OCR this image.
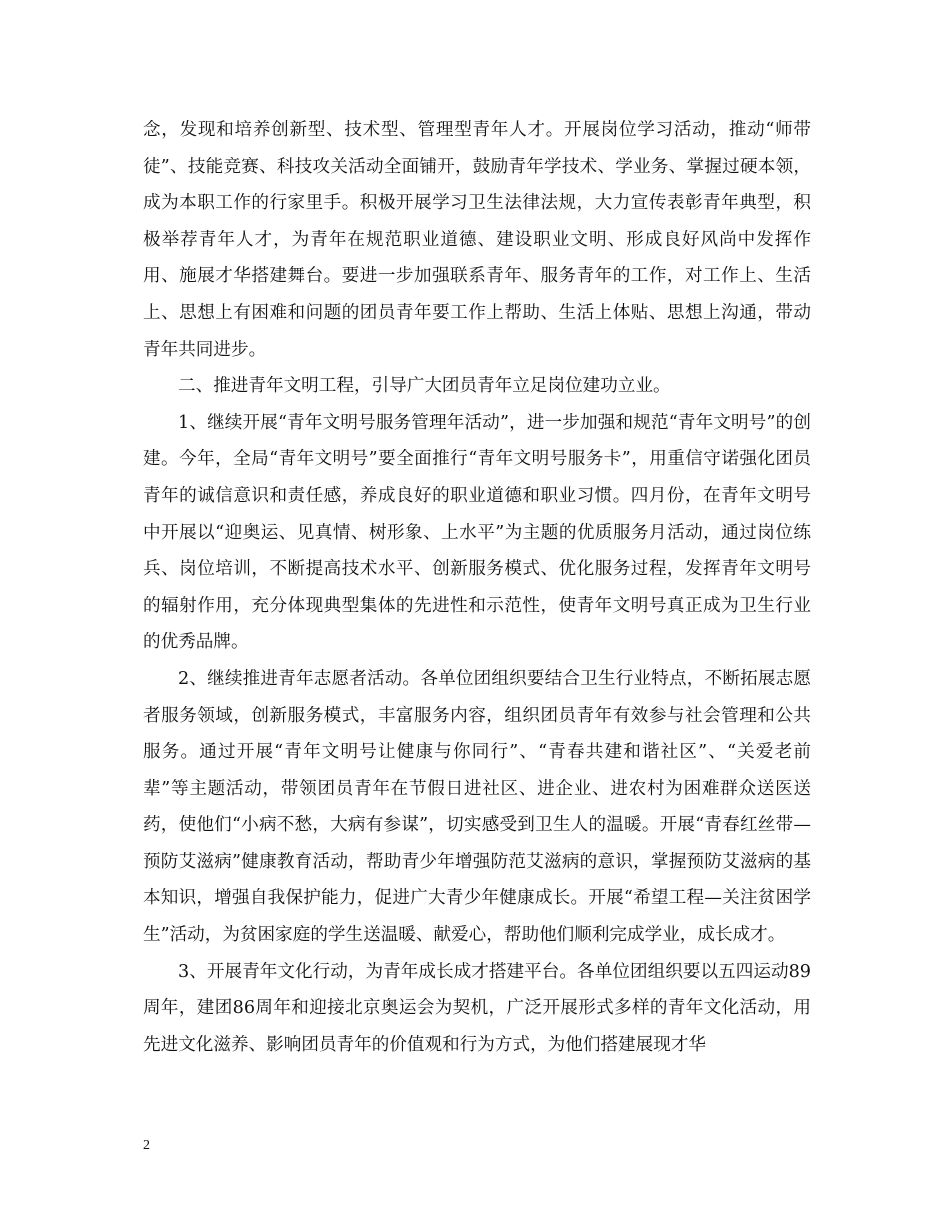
念，发现和培养创新型、技术型、管理型青年人才。开展岗位学习活动，推动“师带徒”、技能竞赛、科技攻关活动全面铺开，鼓励青年学技术、学业务、掌握过硬本领，成为本职工作的行家里手。积极开展学习卫生法律法规，大力宣传表彰青年典型，积极举荐青年人才，为青年在规范职业道德、建设职业文明、形成良好风尚中发挥作用、施展才华搭建舞台。要进一步加强联系青年、服务青年的工作，对工作上、生活上、思想上有困难和问题的团员青年要工作上帮助、生活上体贴、思想上沟通，带动青年共同进步。

二、推进青年文明工程，引导广大团员青年立足岗位建功立业。

1、继续开展“青年文明号服务管理年活动”，进一步加强和规范“青年文明号”的创建。今年，全局“青年文明号”要全面推行“青年文明号服务卡”，用重信守诺强化团员青年的诚信意识和责任感，养成良好的职业道德和职业习惯。四月份，在青年文明号中开展以“迎奥运、见真情、树形象、上水平”为主题的优质服务月活动，通过岗位练兵、岗位培训，不断提高技术水平、创新服务模式、优化服务过程，发挥青年文明号的辐射作用，充分体现典型集体的先进性和示范性，使青年文明号真正成为卫生行业的优秀品牌。

2、继续推进青年志愿者活动。各单位团组织要结合卫生行业特点，不断拓展志愿者服务领域，创新服务模式，丰富服务内容，组织团员青年有效参与社会管理和公共服务。通过开展“青年文明号让健康与你同行”、“青春共建和谐社区”、“关爱老前辈”等主题活动，带领团员青年在节假日进社区、进企业、进农村为困难群众送医送药，使他们“小病不愁，大病有参谋”，切实感受到卫生人的温暖。开展“青春红丝带—预防艾滋病”健康教育活动，帮助青少年增强防范艾滋病的意识，掌握预防艾滋病的基本知识，增强自我保护能力，促进广大青少年健康成长。开展“希望工程—关注贫困学生”活动，为贫困家庭的学生送温暖、献爱心，帮助他们顺利完成学业，成长成才。

3、开展青年文化行动，为青年成长成才搭建平台。各单位团组织要以五四运动89周年，建团86周年和迎接北京奥运会为契机，广泛开展形式多样的青年文化活动，用先进文化滋养、影响团员青年的价值观和行为方式，为他们搭建展现才华

2
